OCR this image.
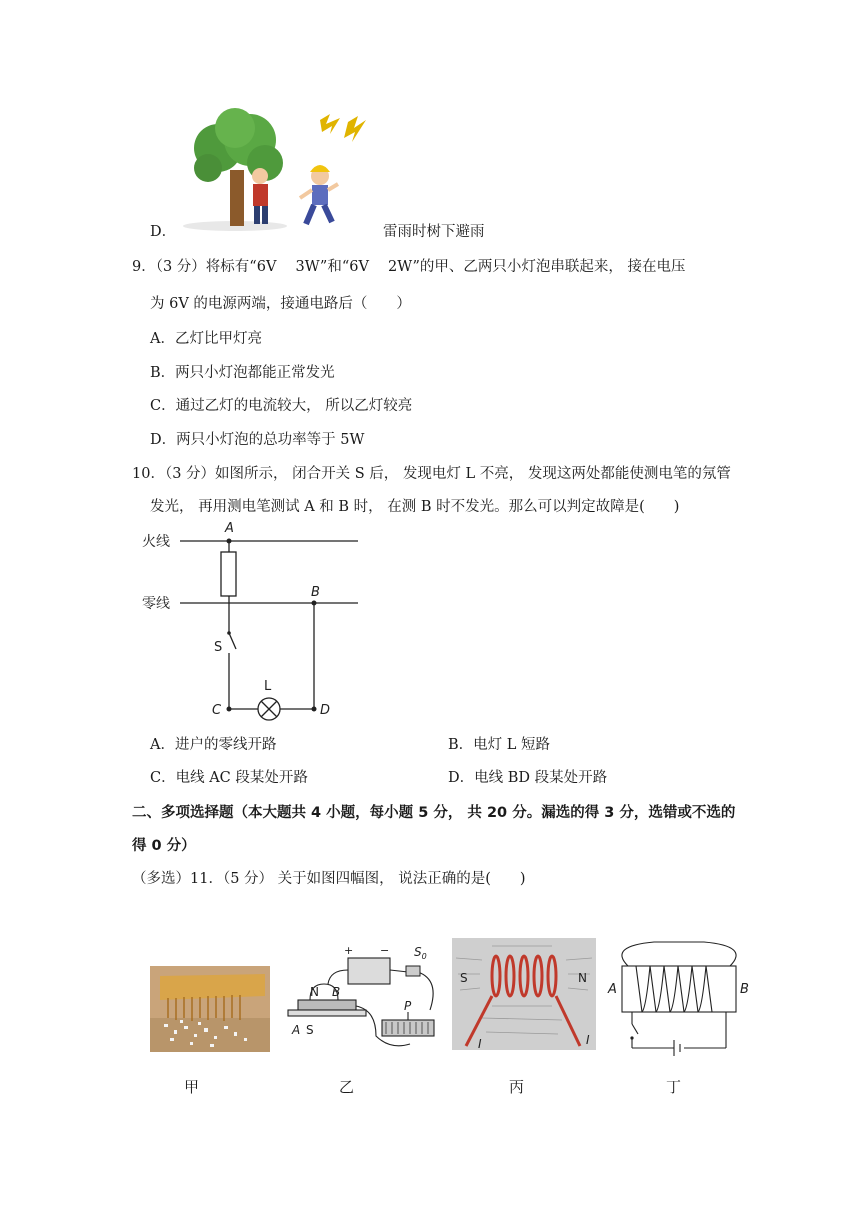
D．	雷雨时树下避雨
9．（3 分）将标有“6V　 3W”和“6V　 2W”的甲、乙两只小灯泡串联起来， 接在电压
为 6V 的电源两端，接通电路后（　　）
A．乙灯比甲灯亮
B．两只小灯泡都能正常发光
C．通过乙灯的电流较大， 所以乙灯较亮
D．两只小灯泡的总功率等于 5W
10．（3 分）如图所示， 闭合开关 S 后， 发现电灯 L 不亮， 发现这两处都能使测电笔的氖管
发光， 再用测电笔测试 A 和 B 时， 在测 B 时不发光。那么可以判定故障是(　　)
火线
零线
A
B
S
L
C	D
A．进户的零线开路	B．电灯 L 短路
C．电线 AC 段某处开路	D．电线 BD 段某处开路
二、多项选择题（本大题共 4 小题，每小题 5 分， 共 20 分。漏选的得 3 分，选错或不选的
得 0 分）
（多选）11．（5 分） 关于如图四幅图， 说法正确的是(　　)
+ −
N B
A S
$S_0$
P
S	N
I	I
A	B
甲	乙	丙	丁
